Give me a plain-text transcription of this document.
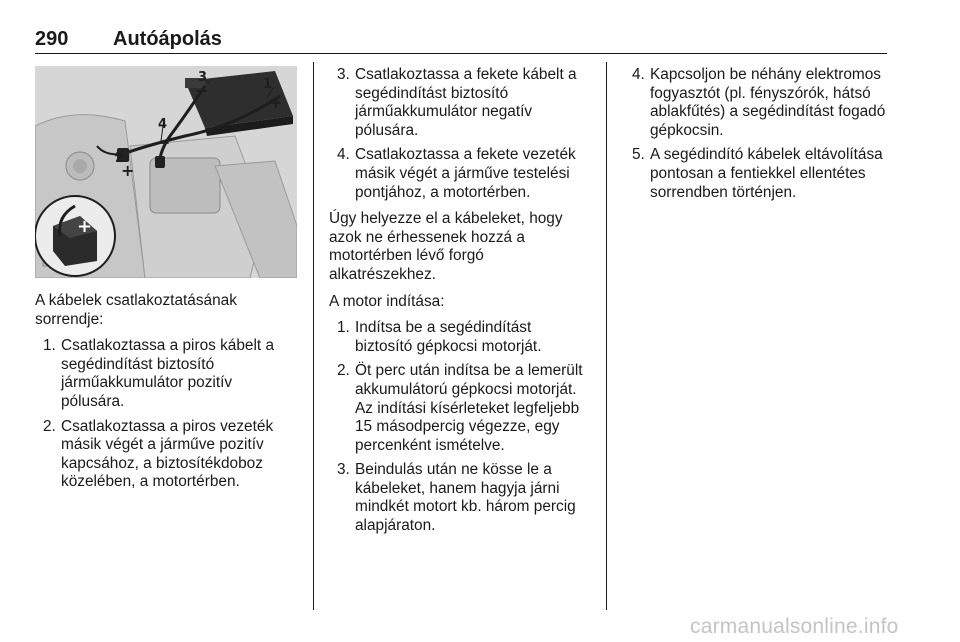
290 Autóápolás
+
1
2
3
4
+
−
+
−

A kábelek csatlakoztatásának sorrendje:

1. Csatlakoztassa a piros kábelt a segédindítást biztosító járműakkumulátor pozitív pólusára.
2. Csatlakoztassa a piros vezeték másik végét a járműve pozitív kapcsához, a biztosítékdoboz közelében, a motortérben.
3. Csatlakoztassa a fekete kábelt a segédindítást biztosító járműakkumulátor negatív pólusára.
4. Csatlakoztassa a fekete vezeték másik végét a járműve testelési pontjához, a motortérben.

Úgy helyezze el a kábeleket, hogy azok ne érhessenek hozzá a motortérben lévő forgó alkatrészekhez.

A motor indítása:

1. Indítsa be a segédindítást biztosító gépkocsi motorját.
2. Öt perc után indítsa be a lemerült akkumulátorú gépkocsi motorját. Az indítási kísérleteket legfeljebb 15 másodpercig végezze, egy percenként ismételve.
3. Beindulás után ne kösse le a kábeleket, hanem hagyja járni mindkét motort kb. három percig alapjáraton.
4. Kapcsoljon be néhány elektromos fogyasztót (pl. fényszórók, hátsó ablakfűtés) a segédindítást fogadó gépkocsin.
5. A segédindító kábelek eltávolítása pontosan a fentiekkel ellentétes sorrendben történjen.
carmanualsonline.info
